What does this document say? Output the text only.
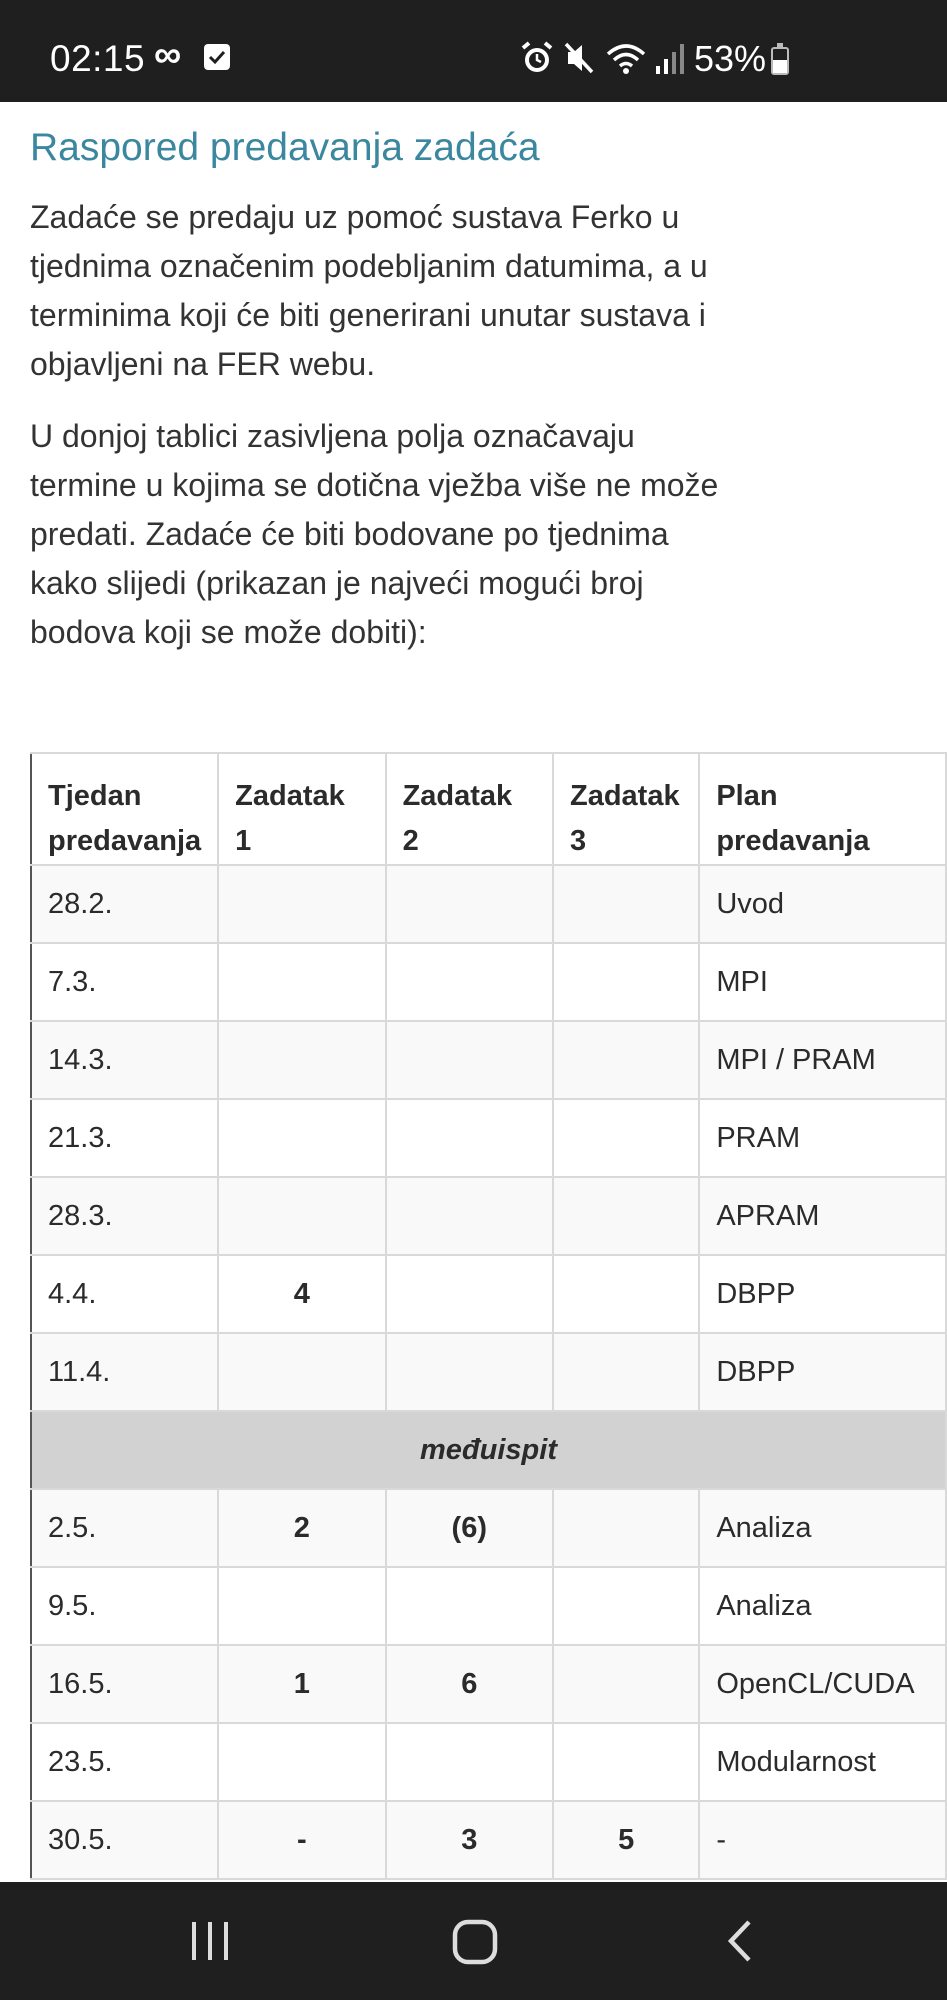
02:15 ∞	53%
Raspored predavanja zadaća

Zadaće se predaju uz pomoć sustava Ferko u tjednima označenim podebljanim datumima, a u terminima koji će biti generirani unutar sustava i objavljeni na FER webu.

U donjoj tablici zasivljena polja označavaju termine u kojima se dotična vježba više ne može predati. Zadaće će biti bodovane po tjednima kako slijedi (prikazan je najveći mogući broj bodova koji se može dobiti):

Tjedan predavanja	Zadatak 1	Zadatak 2	Zadatak 3	Plan predavanja
28.2.				Uvod
7.3.				MPI
14.3.				MPI / PRAM
21.3.				PRAM
28.3.				APRAM
4.4.	4			DBPP
11.4.				DBPP
međuispit				
2.5.	2	(6)		Analiza
9.5.				Analiza
16.5.	1	6		OpenCL/CUDA
23.5.				Modularnost
30.5.	-	3	5	-
